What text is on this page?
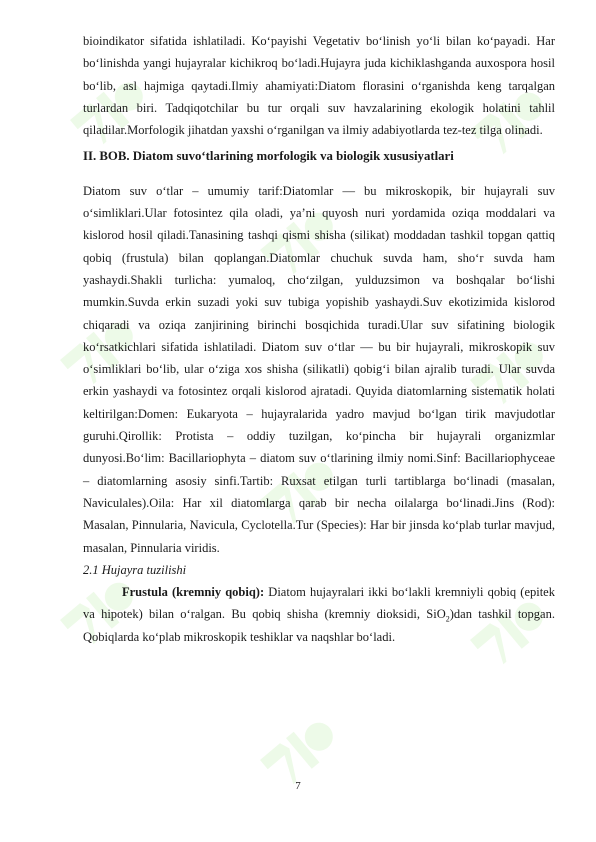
bioindikator sifatida ishlatiladi. Ko‘payishi Vegetativ bo‘linish yo‘li bilan ko‘payadi. Har bo‘linishda yangi hujayralar kichikroq bo‘ladi.Hujayra juda kichiklashganda auxospora hosil bo‘lib, asl hajmiga qaytadi.Ilmiy ahamiyati:Diatom florasini o‘rganishda keng tarqalgan turlardan biri. Tadqiqotchilar bu tur orqali suv havzalarining ekologik holatini tahlil qiladilar.Morfologik jihatdan yaxshi o‘rganilgan va ilmiy adabiyotlarda tez-tez tilga olinadi.

II. BOB. Diatom suvo‘tlarining morfologik va biologik xususiyatlari

Diatom suv o‘tlar – umumiy tarif:Diatomlar — bu mikroskopik, bir hujayrali suv o‘simliklari.Ular fotosintez qila oladi, ya’ni quyosh nuri yordamida oziqa moddalari va kislorod hosil qiladi.Tanasining tashqi qismi shisha (silikat) moddadan tashkil topgan qattiq qobiq (frustula) bilan qoplangan.Diatomlar chuchuk suvda ham, sho‘r suvda ham yashaydi.Shakli turlicha: yumaloq, cho‘zilgan, yulduzsimon va boshqalar bo‘lishi mumkin.Suvda erkin suzadi yoki suv tubiga yopishib yashaydi.Suv ekotizimida kislorod chiqaradi va oziqa zanjirining birinchi bosqichida turadi.Ular suv sifatining biologik ko‘rsatkichlari sifatida ishlatiladi. Diatom suv o‘tlar — bu bir hujayrali, mikroskopik suv o‘simliklari bo‘lib, ular o‘ziga xos shisha (silikatli) qobig‘i bilan ajralib turadi. Ular suvda erkin yashaydi va fotosintez orqali kislorod ajratadi. Quyida diatomlarning sistematik holati keltirilgan:Domen: Eukaryota – hujayralarida yadro mavjud bo‘lgan tirik mavjudotlar guruhi.Qirollik: Protista – oddiy tuzilgan, ko‘pincha bir hujayrali organizmlar dunyosi.Bo‘lim: Bacillariophyta – diatom suv o‘tlarining ilmiy nomi.Sinf: Bacillariophyceae – diatomlarning asosiy sinfi.Tartib: Ruxsat etilgan turli tartiblarga bo‘linadi (masalan, Naviculales).Oila: Har xil diatomlarga qarab bir necha oilalarga bo‘linadi.Jins (Rod): Masalan, Pinnularia, Navicula, Cyclotella.Tur (Species): Har bir jinsda ko‘plab turlar mavjud, masalan, Pinnularia viridis.

2.1 Hujayra tuzilishi

Frustula (kremniy qobiq): Diatom hujayralari ikki bo‘lakli kremniyli qobiq (epitek va hipotek) bilan o‘ralgan. Bu qobiq shisha (kremniy dioksidi, SiO$_2$)dan tashkil topgan. Qobiqlarda ko‘plab mikroskopik teshiklar va naqshlar bo‘ladi.

7
